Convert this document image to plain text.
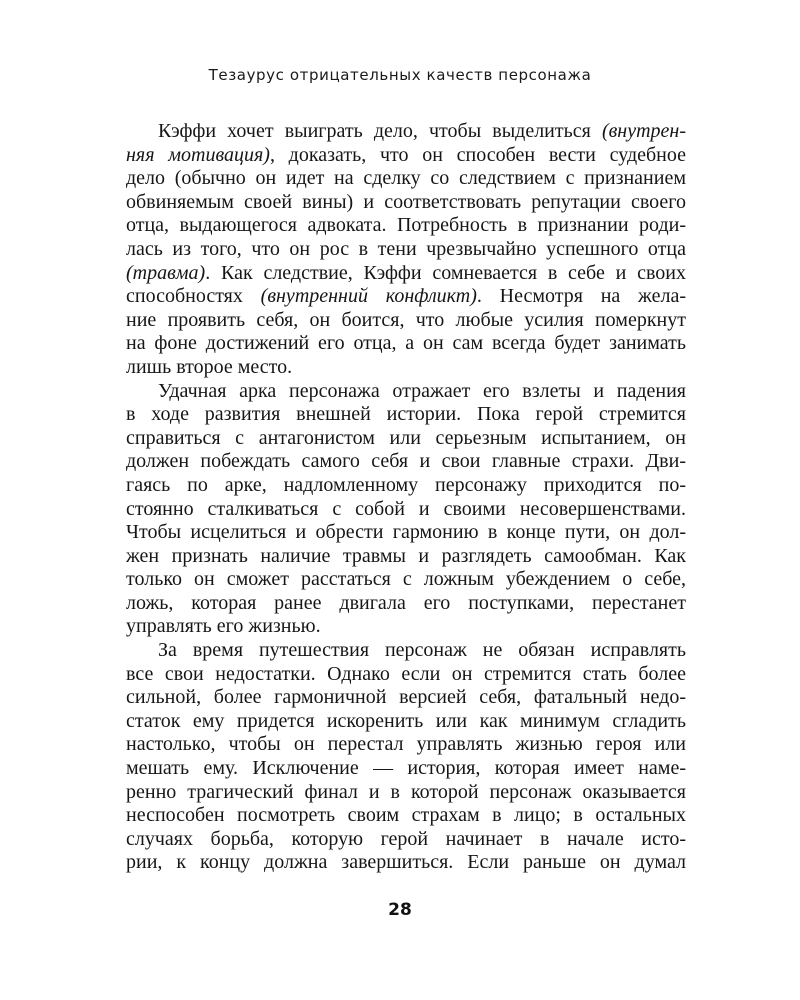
Тезаурус отрицательных качеств персонажа
Кэффи хочет выиграть дело, чтобы выделиться (внутрен-
няя мотивация), доказать, что он способен вести судебное
дело (обычно он идет на сделку со следствием с признанием
обвиняемым своей вины) и соответствовать репутации своего
отца, выдающегося адвоката. Потребность в признании роди-
лась из того, что он рос в тени чрезвычайно успешного отца
(травма). Как следствие, Кэффи сомневается в себе и своих
способностях (внутренний конфликт). Несмотря на жела-
ние проявить себя, он боится, что любые усилия померкнут
на фоне достижений его отца, а он сам всегда будет занимать
лишь второе место.
Удачная арка персонажа отражает его взлеты и падения
в ходе развития внешней истории. Пока герой стремится
справиться с антагонистом или серьезным испытанием, он
должен побеждать самого себя и свои главные страхи. Дви-
гаясь по арке, надломленному персонажу приходится по-
стоянно сталкиваться с собой и своими несовершенствами.
Чтобы исцелиться и обрести гармонию в конце пути, он дол-
жен признать наличие травмы и разглядеть самообман. Как
только он сможет расстаться с ложным убеждением о себе,
ложь, которая ранее двигала его поступками, перестанет
управлять его жизнью.
За время путешествия персонаж не обязан исправлять
все свои недостатки. Однако если он стремится стать более
сильной, более гармоничной версией себя, фатальный недо-
статок ему придется искоренить или как минимум сгладить
настолько, чтобы он перестал управлять жизнью героя или
мешать ему. Исключение — история, которая имеет наме-
ренно трагический финал и в которой персонаж оказывается
неспособен посмотреть своим страхам в лицо; в остальных
случаях борьба, которую герой начинает в начале исто-
рии, к концу должна завершиться. Если раньше он думал
28
